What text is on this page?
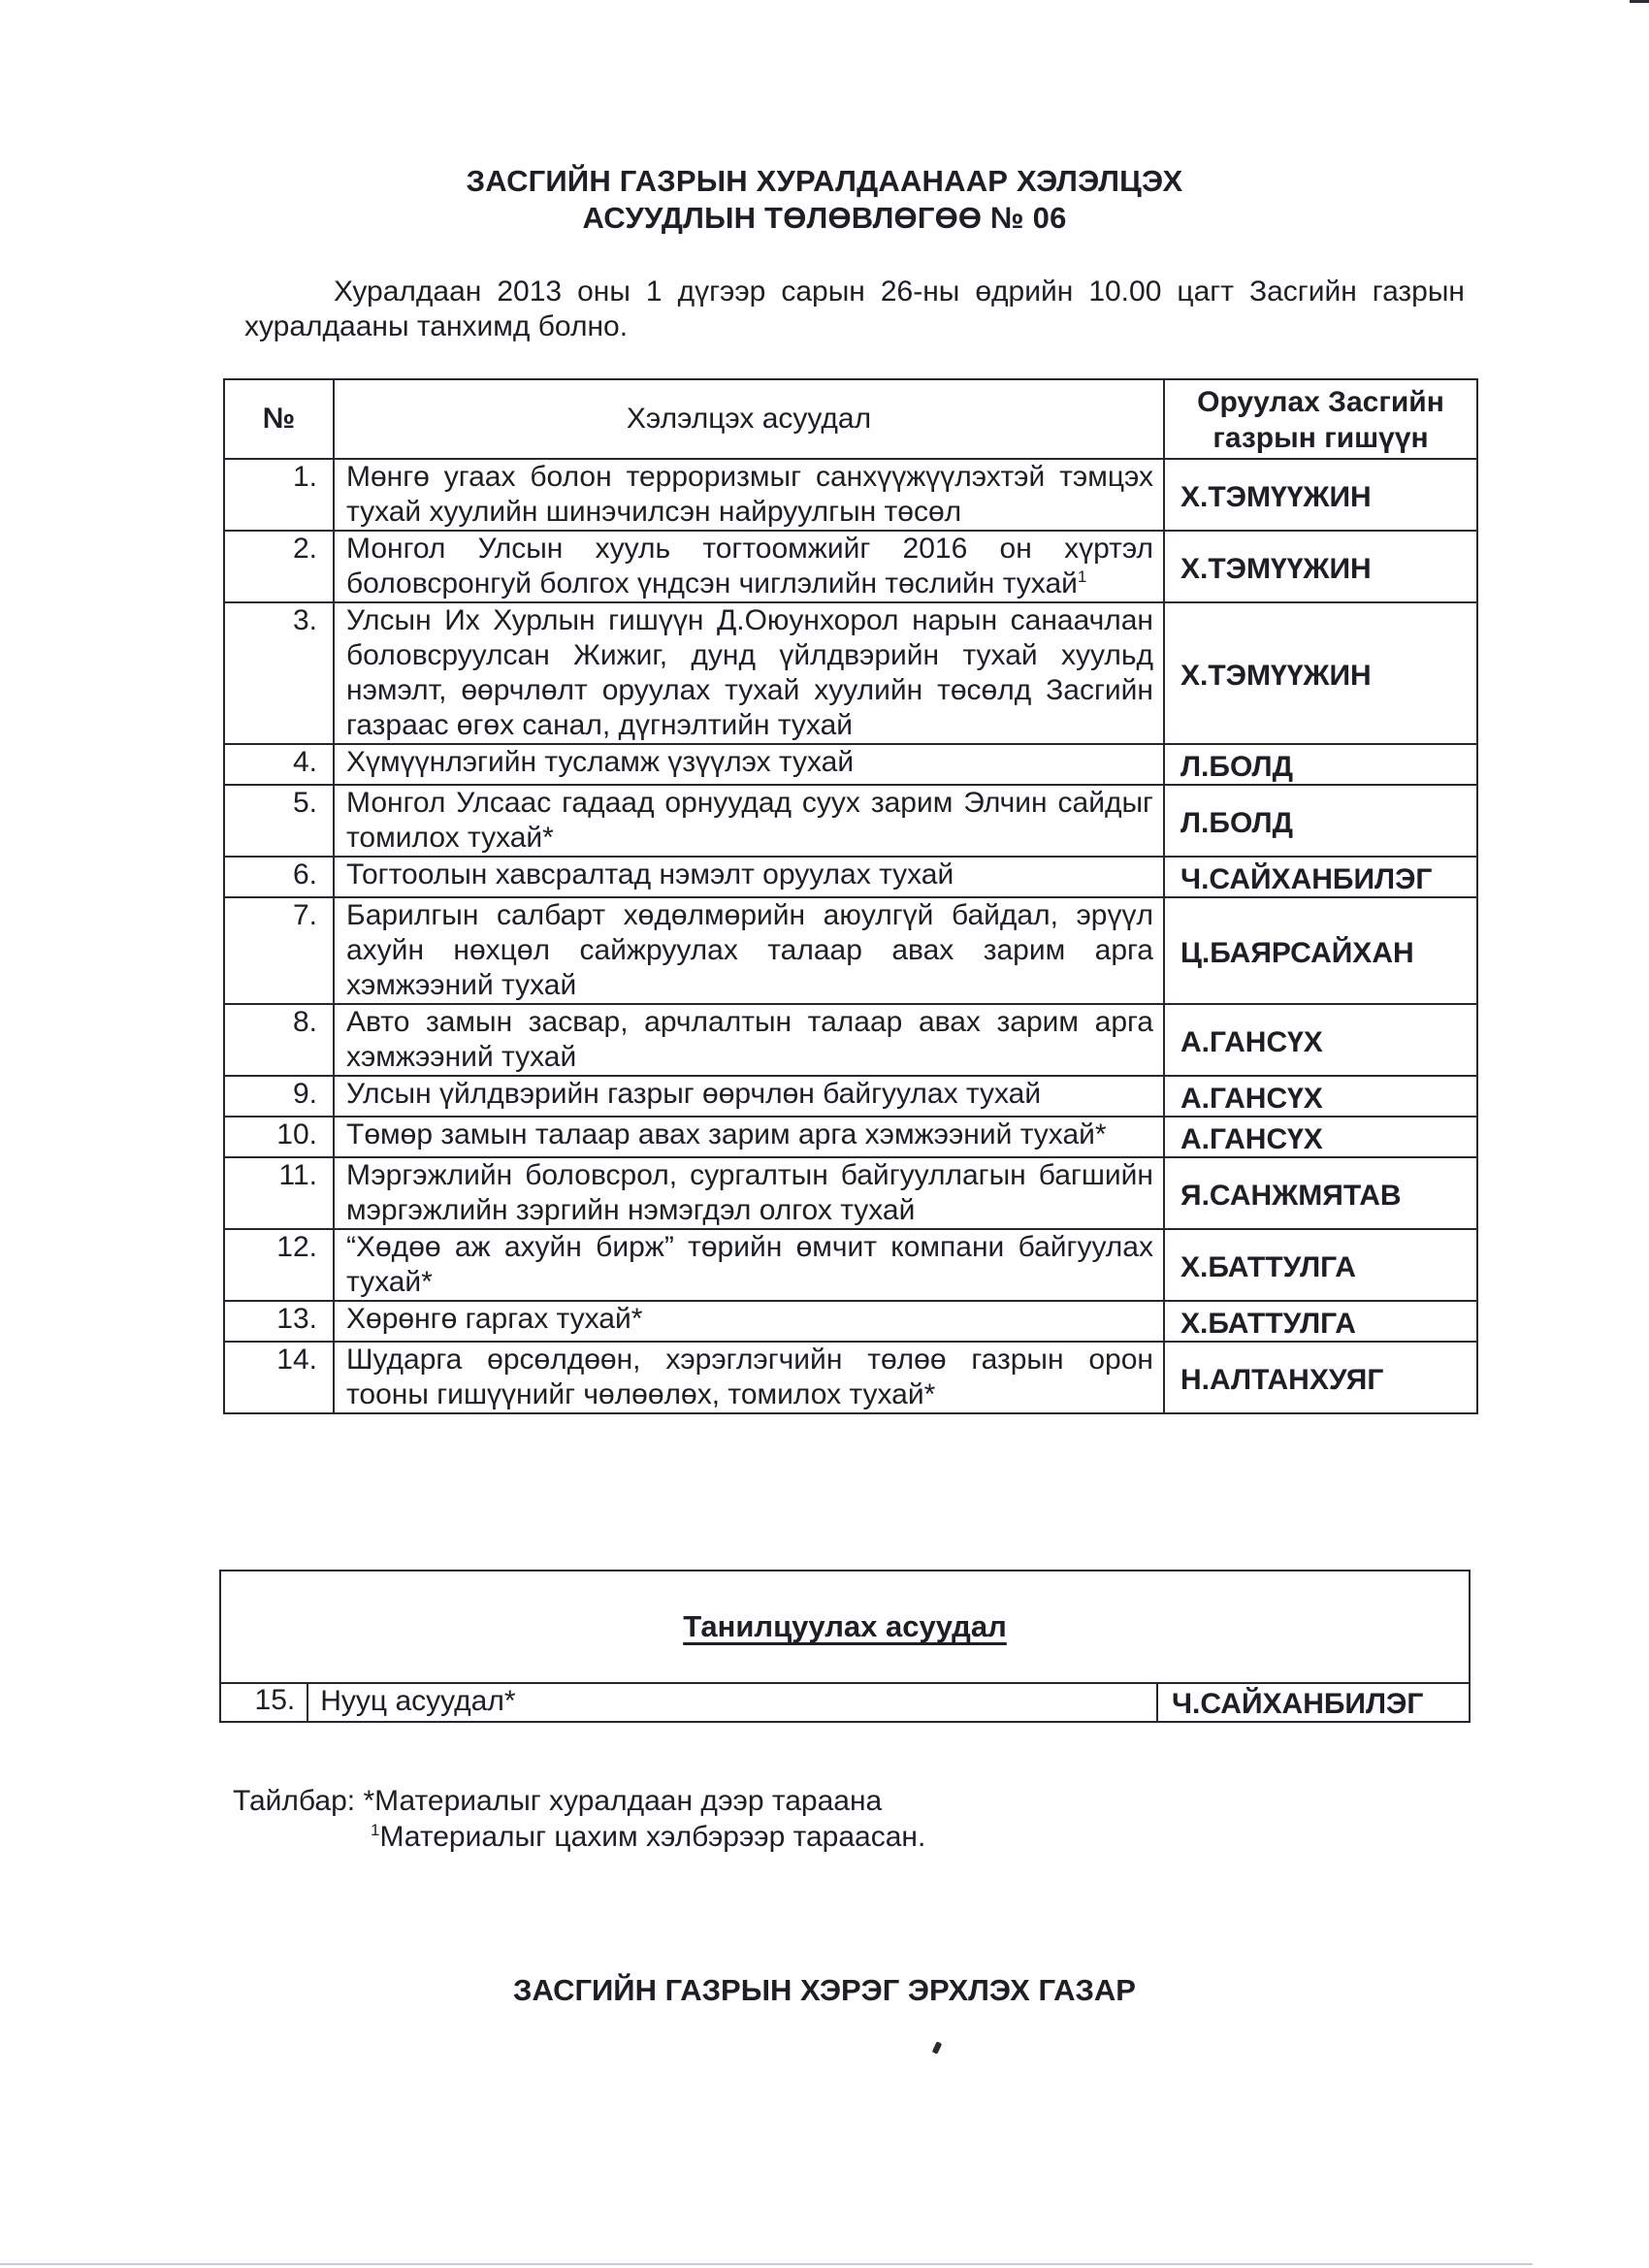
ЗАСГИЙН ГАЗРЫН ХУРАЛДААНААР ХЭЛЭЛЦЭХ
АСУУДЛЫН ТӨЛӨВЛӨГӨӨ № 06
Хуралдаан 2013 оны 1 дүгээр сарын 26-ны өдрийн 10.00 цагт Засгийн газрын хуралдааны танхимд болно.
№	Хэлэлцэх асуудал	Оруулах Засгийн
газрын гишүүн

1.	Мөнгө угаах болон терроризмыг санхүүжүүлэхтэй тэмцэх тухай хуулийн шинэчилсэн найруулгын төсөл	Х.ТЭМҮҮЖИН
2.	Монгол Улсын хууль тогтоомжийг 2016 он хүртэл боловсронгуй болгох үндсэн чиглэлийн төслийн тухай$^1$	Х.ТЭМҮҮЖИН
3.	Улсын Их Хурлын гишүүн Д.Оюунхорол нарын санаачлан боловсруулсан Жижиг, дунд үйлдвэрийн тухай хуульд нэмэлт, өөрчлөлт оруулах тухай хуулийн төсөлд Засгийн газраас өгөх санал, дүгнэлтийн тухай	Х.ТЭМҮҮЖИН
4.	Хүмүүнлэгийн тусламж үзүүлэх тухай	Л.БОЛД
5.	Монгол Улсаас гадаад орнуудад суух зарим Элчин сайдыг томилох тухай*	Л.БОЛД
6.	Тогтоолын хавсралтад нэмэлт оруулах тухай	Ч.САЙХАНБИЛЭГ
7.	Барилгын салбарт хөдөлмөрийн аюулгүй байдал, эрүүл ахуйн нөхцөл сайжруулах талаар авах зарим арга хэмжээний тухай	Ц.БАЯРСАЙХАН
8.	Авто замын засвар, арчлалтын талаар авах зарим арга хэмжээний тухай	А.ГАНСҮХ
9.	Улсын үйлдвэрийн газрыг өөрчлөн байгуулах тухай	А.ГАНСҮХ
10.	Төмөр замын талаар авах зарим арга хэмжээний тухай*	А.ГАНСҮХ
11.	Мэргэжлийн боловсрол, сургалтын байгууллагын багшийн мэргэжлийн зэргийн нэмэгдэл олгох тухай	Я.САНЖМЯТАВ
12.	“Хөдөө аж ахуйн бирж” төрийн өмчит компани байгуулах тухай*	Х.БАТТУЛГА
13.	Хөрөнгө гаргах тухай*	Х.БАТТУЛГА
14.	Шударга өрсөлдөөн, хэрэглэгчийн төлөө газрын орон тооны гишүүнийг чөлөөлөх, томилох тухай*	Н.АЛТАНХУЯГ
Танилцуулах асуудал
15.	Нууц асуудал*	Ч.САЙХАНБИЛЭГ
Тайлбар: *Материалыг хуралдаан дээр тараана
$^1$Материалыг цахим хэлбэрээр тараасан.
ЗАСГИЙН ГАЗРЫН ХЭРЭГ ЭРХЛЭХ ГАЗАР
